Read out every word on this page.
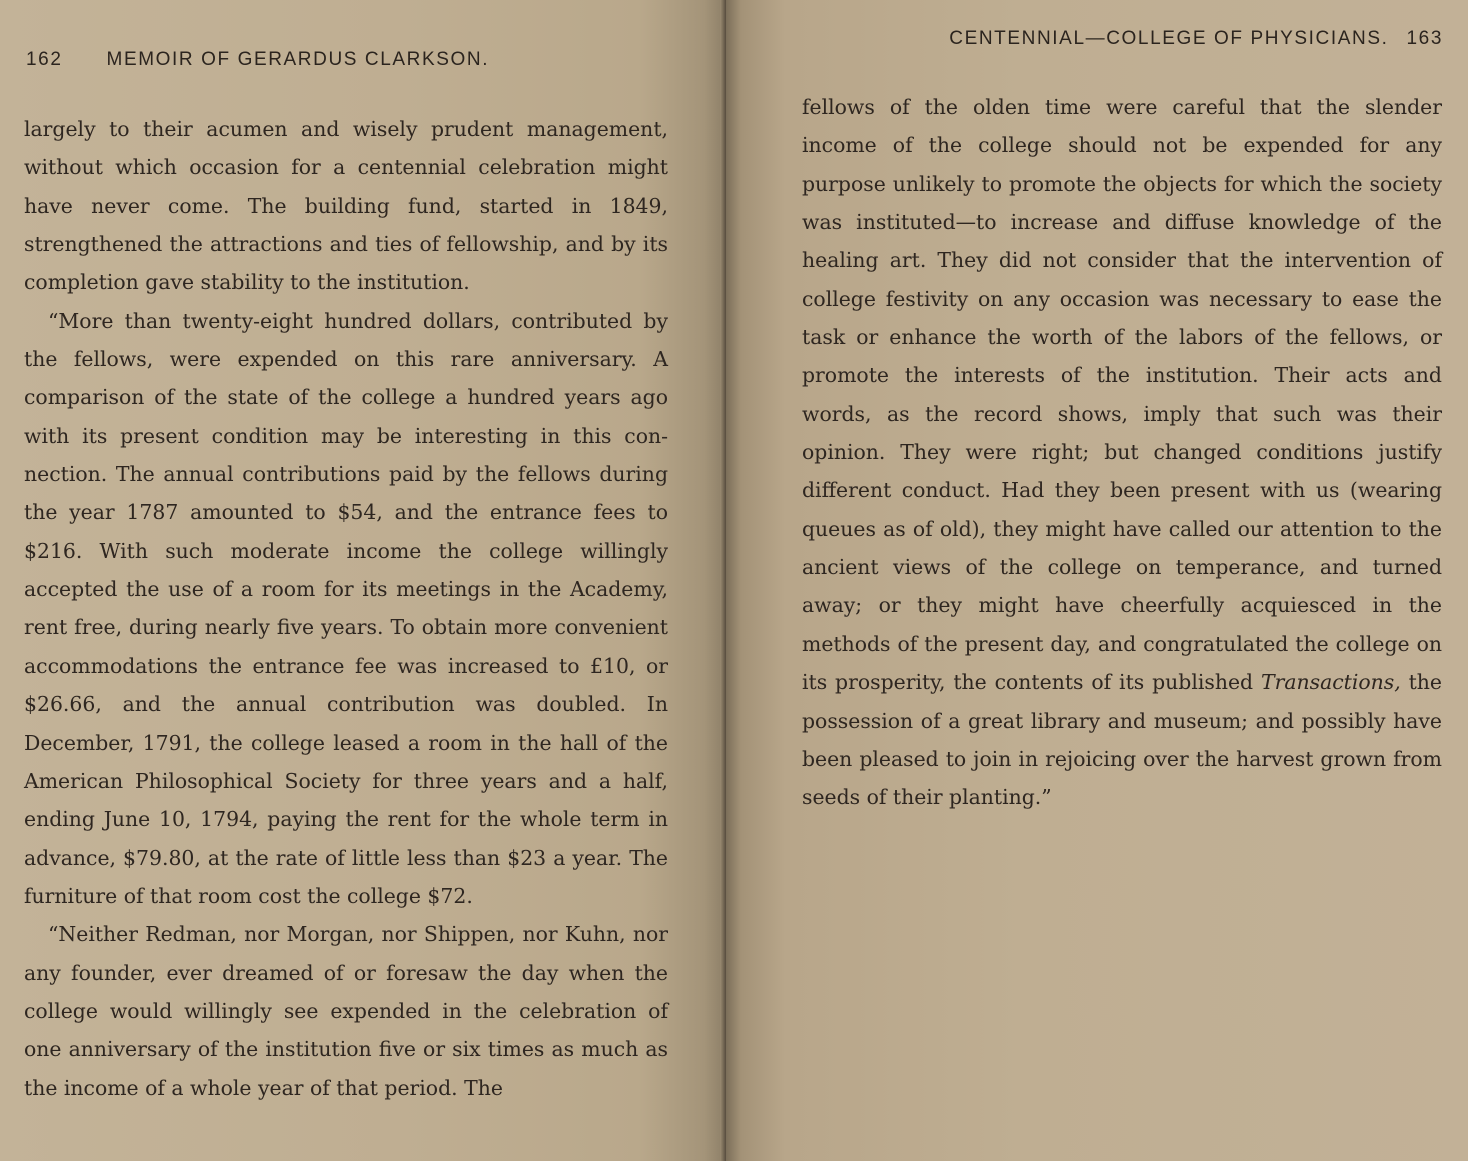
162 MEMOIR OF GERARDUS CLARKSON.

largely to their acumen and wisely prudent management, without which occasion for a centennial celebration might have never come. The building fund, started in 1849, strengthened the attractions and ties of fellowship, and by its completion gave stability to the institution.

“More than twenty-eight hundred dollars, contributed by the fellows, were expended on this rare anniversary. A comparison of the state of the college a hundred years ago with its present condition may be interesting in this connection. The annual contributions paid by the fellows during the year 1787 amounted to $54, and the entrance fees to $216. With such moderate income the college willingly accepted the use of a room for its meetings in the Academy, rent free, during nearly five years. To obtain more convenient accommodations the entrance fee was increased to £10, or $26.66, and the annual contribution was doubled. In December, 1791, the college leased a room in the hall of the American Philosophical Society for three years and a half, ending June 10, 1794, paying the rent for the whole term in advance, $79.80, at the rate of little less than $23 a year. The furniture of that room cost the college $72.

“Neither Redman, nor Morgan, nor Shippen, nor Kuhn, nor any founder, ever dreamed of or foresaw the day when the college would willingly see expended in the celebration of one anniversary of the institution five or six times as much as the income of a whole year of that period. The

CENTENNIAL—COLLEGE OF PHYSICIANS. 163

fellows of the olden time were careful that the slender income of the college should not be expended for any purpose unlikely to promote the objects for which the society was instituted—to increase and diffuse knowledge of the healing art. They did not consider that the intervention of college festivity on any occasion was necessary to ease the task or enhance the worth of the labors of the fellows, or promote the interests of the institution. Their acts and words, as the record shows, imply that such was their opinion. They were right; but changed conditions justify different conduct. Had they been present with us (wearing queues as of old), they might have called our attention to the ancient views of the college on temperance, and turned away; or they might have cheerfully acquiesced in the methods of the present day, and congratulated the college on its prosperity, the contents of its published Transactions, the possession of a great library and museum; and possibly have been pleased to join in rejoicing over the harvest grown from seeds of their planting.”
